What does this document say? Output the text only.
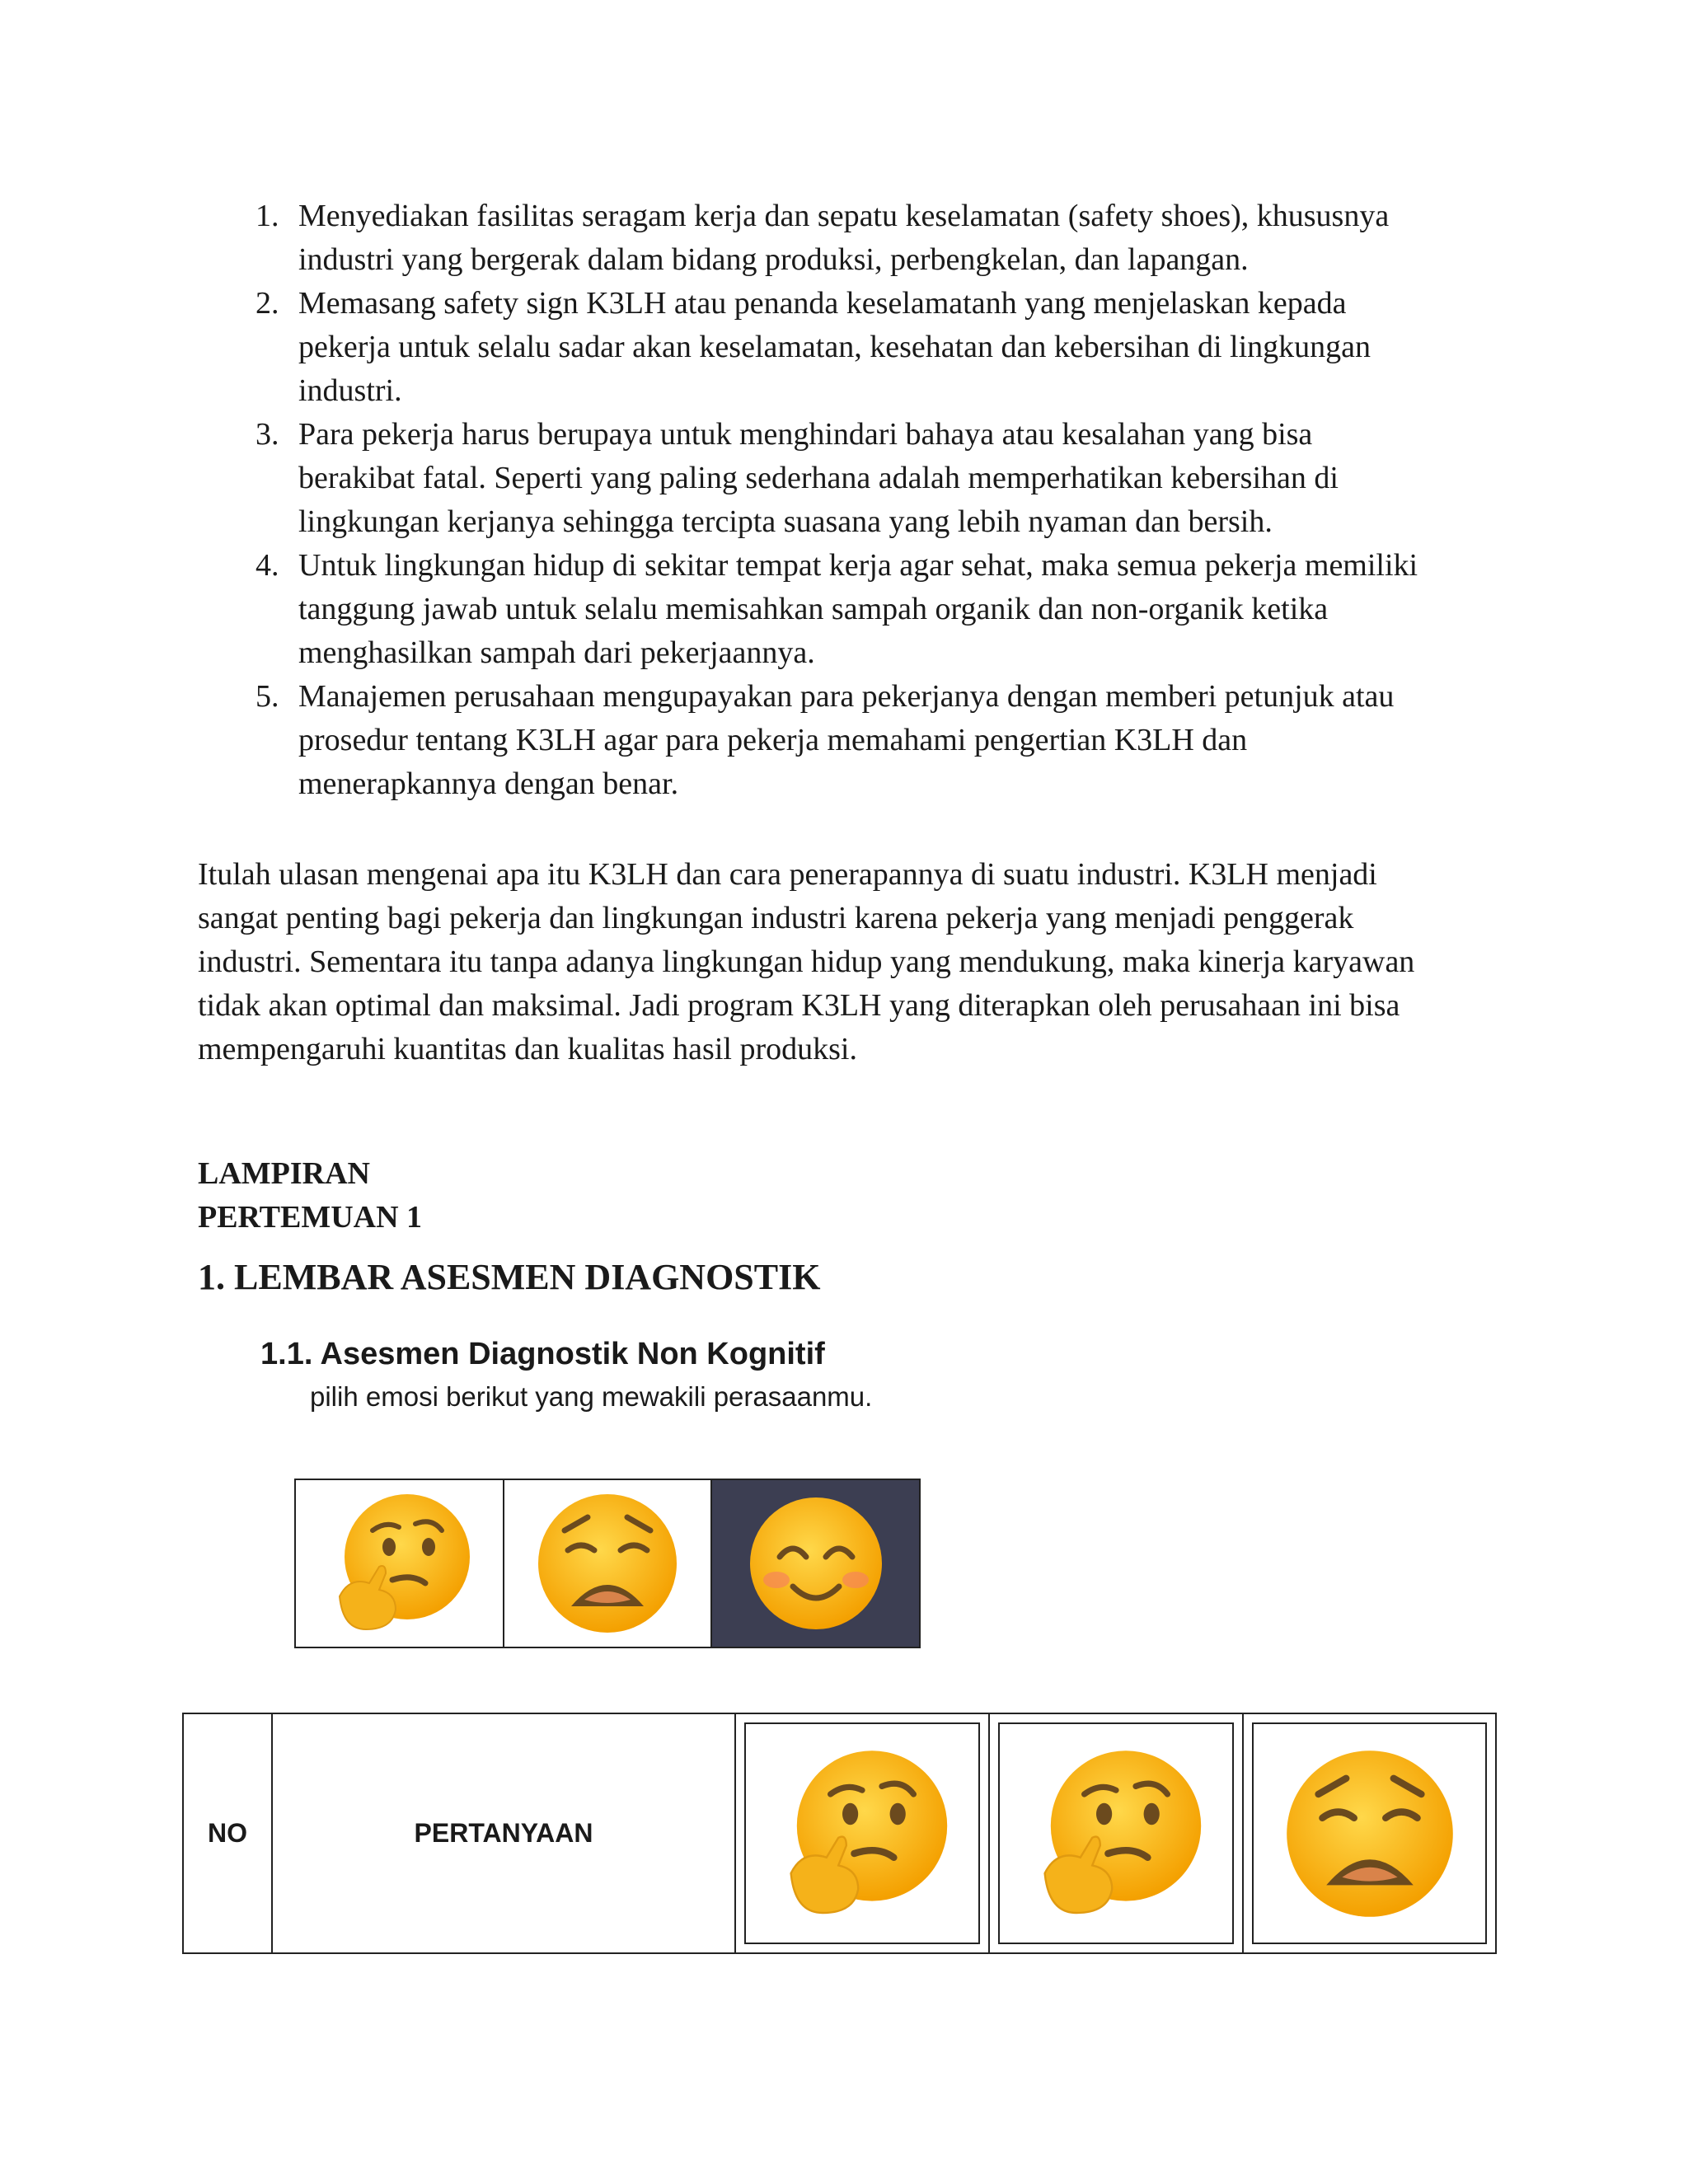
1. Menyediakan fasilitas seragam kerja dan sepatu keselamatan (safety shoes), khususnya
industri yang bergerak dalam bidang produksi, perbengkelan, dan lapangan.
2. Memasang safety sign K3LH atau penanda keselamatanh yang menjelaskan kepada
pekerja untuk selalu sadar akan keselamatan, kesehatan dan kebersihan di lingkungan
industri.
3. Para pekerja harus berupaya untuk menghindari bahaya atau kesalahan yang bisa
berakibat fatal. Seperti yang paling sederhana adalah memperhatikan kebersihan di
lingkungan kerjanya sehingga tercipta suasana yang lebih nyaman dan bersih.
4. Untuk lingkungan hidup di sekitar tempat kerja agar sehat, maka semua pekerja memiliki
tanggung jawab untuk selalu memisahkan sampah organik dan non-organik ketika
menghasilkan sampah dari pekerjaannya.
5. Manajemen perusahaan mengupayakan para pekerjanya dengan memberi petunjuk atau
prosedur tentang K3LH agar para pekerja memahami pengertian K3LH dan
menerapkannya dengan benar.
Itulah ulasan mengenai apa itu K3LH dan cara penerapannya di suatu industri. K3LH menjadi
sangat penting bagi pekerja dan lingkungan industri karena pekerja yang menjadi penggerak
industri. Sementara itu tanpa adanya lingkungan hidup yang mendukung, maka kinerja karyawan
tidak akan optimal dan maksimal. Jadi program K3LH yang diterapkan oleh perusahaan ini bisa
mempengaruhi kuantitas dan kualitas hasil produksi.

LAMPIRAN

PERTEMUAN 1

1. LEMBAR ASESMEN DIAGNOSTIK
1.1. Asesmen Diagnostik Non Kognitif

pilih emosi berikut yang mewakili perasaanmu.

NO	PERTANYAAN
